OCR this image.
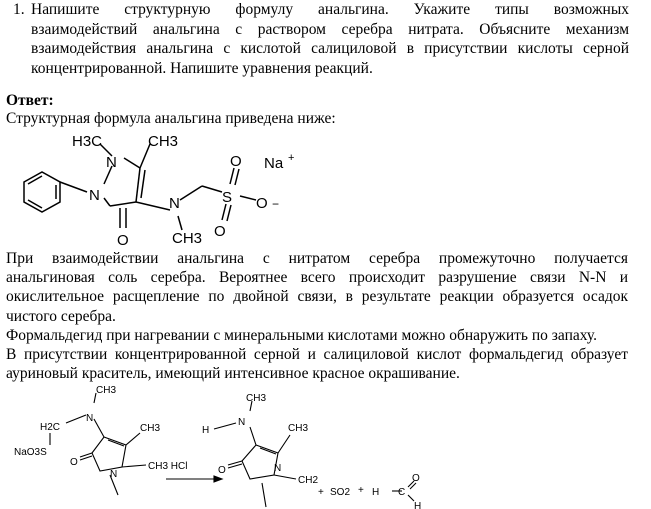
1. Напишите структурную формулу анальгина. Укажите типы возможных
взаимодействий анальгина с раствором серебра нитрата. Объясните механизм
взаимодействия анальгина с кислотой салициловой в присутствии кислоты серной
концентрированной. Напишите уравнения реакций.
Ответ:
Структурная формула анальгина приведена ниже:
H3C	CH3
N
N
O
N
CH3
S
O
O
O −
Na +
При взаимодействии анальгина с нитратом серебра промежуточно получается
анальгиновая соль серебра. Вероятнее всего происходит разрушение связи N-N и
окислительное расщепление по двойной связи, в результате реакции образуется осадок
чистого серебра.
Формальдегид при нагревании с минеральными кислотами можно обнаружить по запаху.
В присутствии концентрированной серной и салициловой кислот формальдегид образует
ауриновый краситель, имеющий интенсивное красное окрашивание.
CH3
N
H2C	CH3
NaO3S
O
N
CH3 HCl
CH3
H
N
CH3
O	N
CH2
+ SO2 + H C
O
H
